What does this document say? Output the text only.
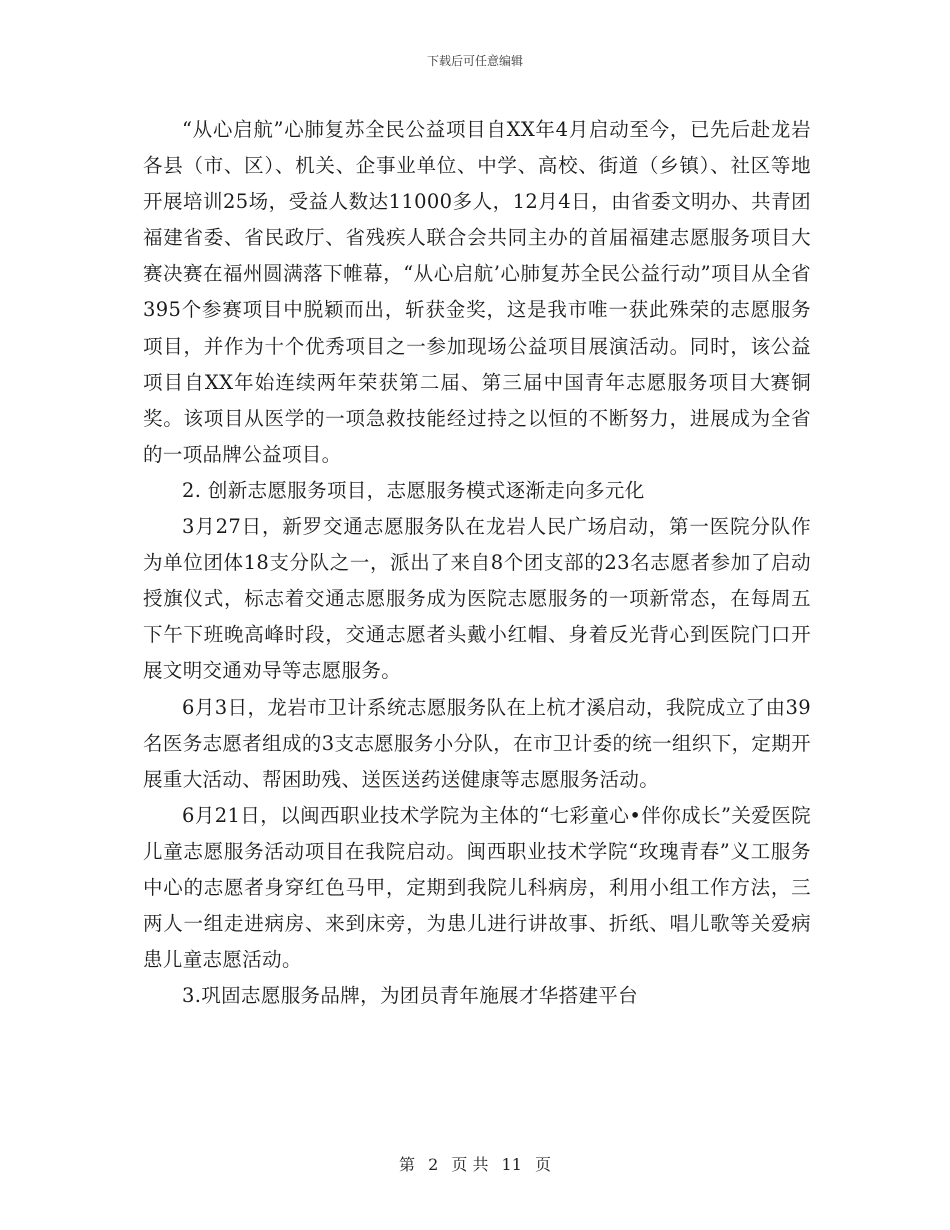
下载后可任意编辑

“从心启航”心肺复苏全民公益项目自XX年4月启动至今，已先后赴龙岩各县（市、区）、机关、企事业单位、中学、高校、街道（乡镇）、社区等地开展培训25场，受益人数达11000多人，12月4日，由省委文明办、共青团福建省委、省民政厅、省残疾人联合会共同主办的首届福建志愿服务项目大赛决赛在福州圆满落下帷幕，“从心启航’心肺复苏全民公益行动”项目从全省395个参赛项目中脱颖而出，斩获金奖，这是我市唯一获此殊荣的志愿服务项目，并作为十个优秀项目之一参加现场公益项目展演活动。同时，该公益项目自XX年始连续两年荣获第二届、第三届中国青年志愿服务项目大赛铜奖。该项目从医学的一项急救技能经过持之以恒的不断努力，进展成为全省的一项品牌公益项目。

2. 创新志愿服务项目，志愿服务模式逐渐走向多元化

3月27日，新罗交通志愿服务队在龙岩人民广场启动，第一医院分队作为单位团体18支分队之一，派出了来自8个团支部的23名志愿者参加了启动授旗仪式，标志着交通志愿服务成为医院志愿服务的一项新常态，在每周五下午下班晚高峰时段，交通志愿者头戴小红帽、身着反光背心到医院门口开展文明交通劝导等志愿服务。

6月3日，龙岩市卫计系统志愿服务队在上杭才溪启动，我院成立了由39名医务志愿者组成的3支志愿服务小分队，在市卫计委的统一组织下，定期开展重大活动、帮困助残、送医送药送健康等志愿服务活动。

6月21日，以闽西职业技术学院为主体的“七彩童心•伴你成长”关爱医院儿童志愿服务活动项目在我院启动。闽西职业技术学院“玫瑰青春”义工服务中心的志愿者身穿红色马甲，定期到我院儿科病房，利用小组工作方法，三两人一组走进病房、来到床旁，为患儿进行讲故事、折纸、唱儿歌等关爱病患儿童志愿活动。

3.巩固志愿服务品牌，为团员青年施展才华搭建平台

第 2 页 共 11 页
